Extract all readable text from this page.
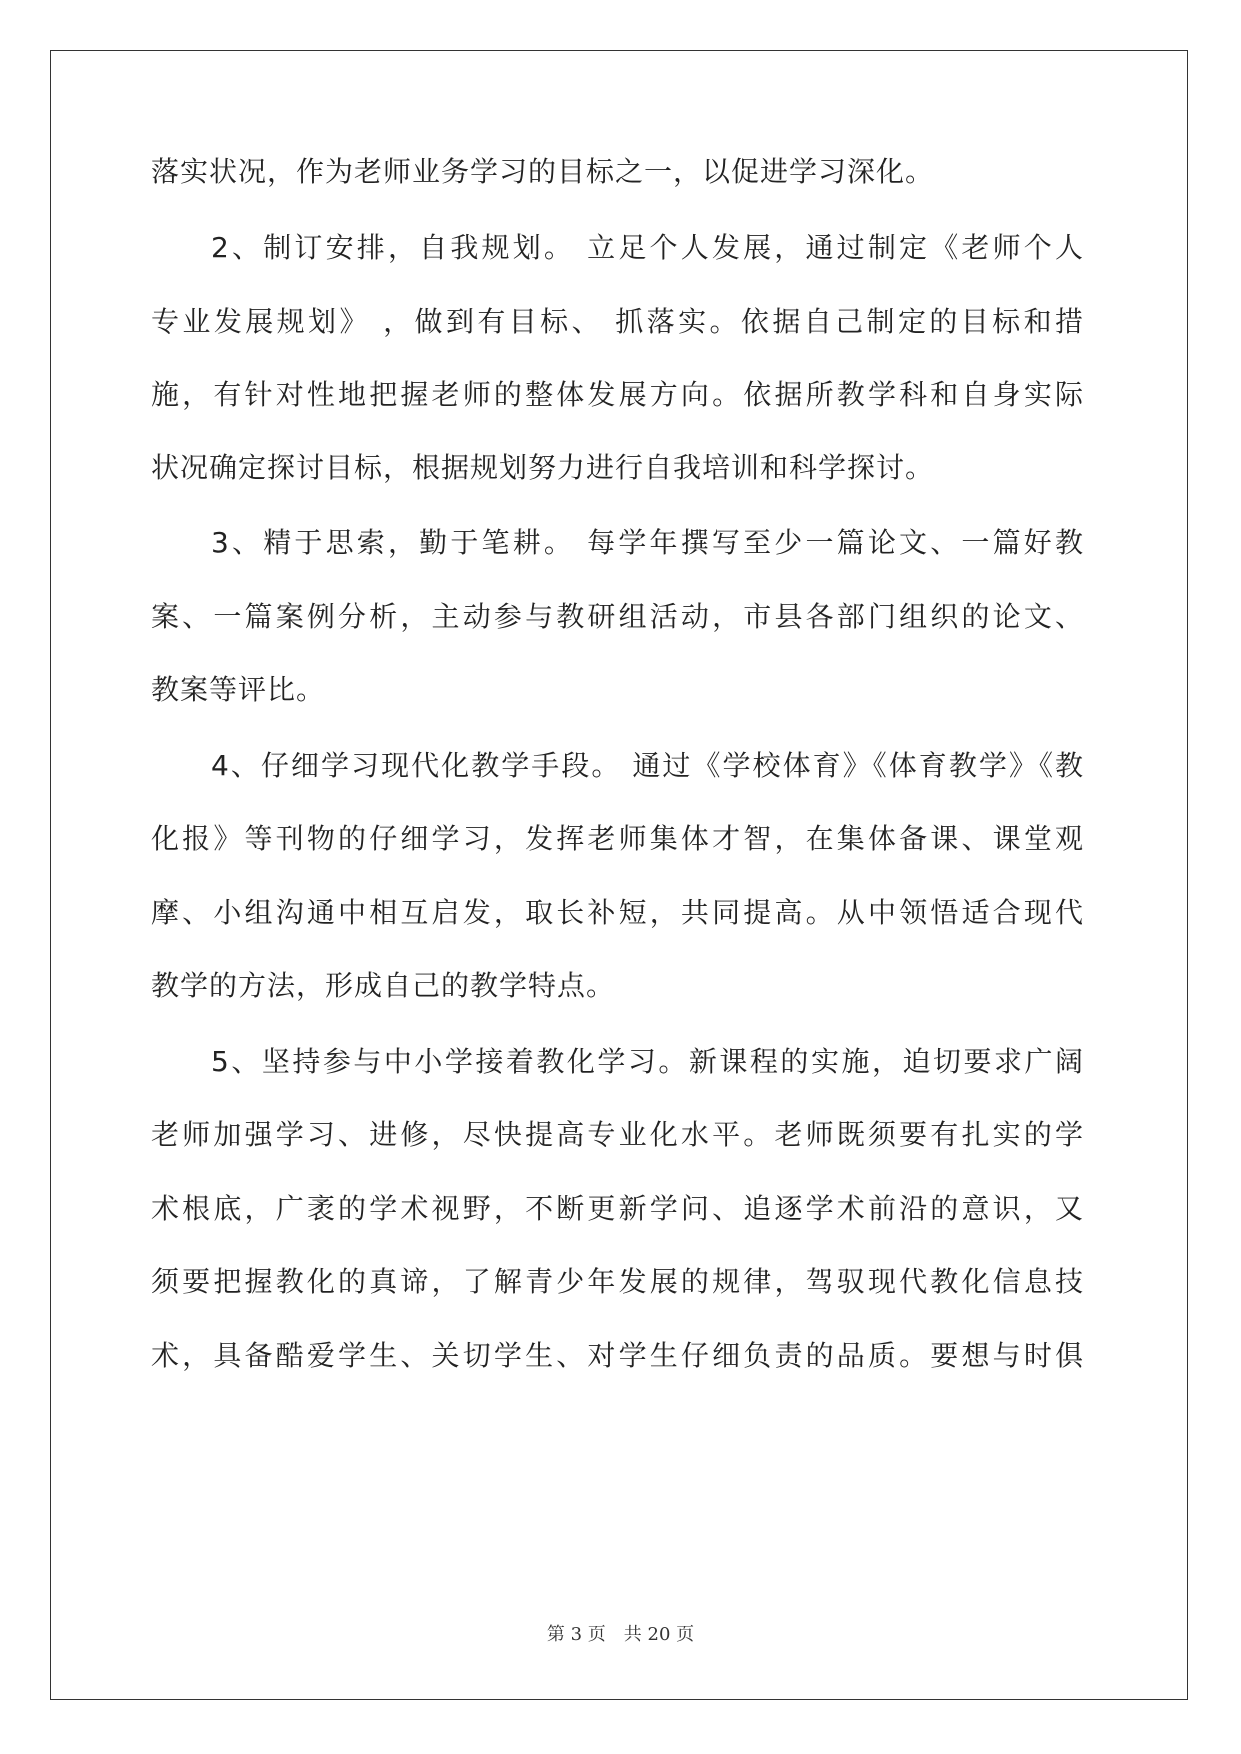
落实状况，作为老师业务学习的目标之一，以促进学习深化。
2、制订安排，自我规划。 立足个人发展，通过制定《老师个人
专业发展规划》 ，做到有目标、 抓落实。依据自己制定的目标和措
施，有针对性地把握老师的整体发展方向。依据所教学科和自身实际
状况确定探讨目标，根据规划努力进行自我培训和科学探讨。
3、精于思索，勤于笔耕。 每学年撰写至少一篇论文、一篇好教
案、一篇案例分析，主动参与教研组活动，市县各部门组织的论文、
教案等评比。
4、仔细学习现代化教学手段。 通过《学校体育》《体育教学》《教
化报》等刊物的仔细学习，发挥老师集体才智，在集体备课、课堂观
摩、小组沟通中相互启发，取长补短，共同提高。从中领悟适合现代
教学的方法，形成自己的教学特点。
5、坚持参与中小学接着教化学习。新课程的实施，迫切要求广阔
老师加强学习、进修，尽快提高专业化水平。老师既须要有扎实的学
术根底，广袤的学术视野，不断更新学问、追逐学术前沿的意识，又
须要把握教化的真谛，了解青少年发展的规律，驾驭现代教化信息技
术，具备酷爱学生、关切学生、对学生仔细负责的品质。要想与时俱
第 3 页　共 20 页
